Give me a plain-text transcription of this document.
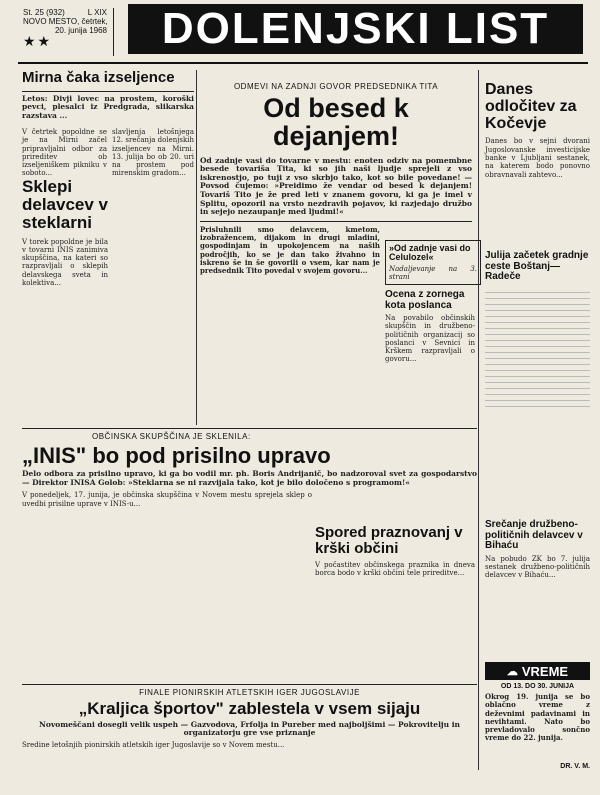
St. 25 (932)	L XIX
NOVO MESTO, četrtek,
20. junija 1968
★★	DOLENJSKI LIST
Mirna čaka izseljence
Letos: Divji lovec na prostem, koroški pevci, plesalci iz Predgrada, slikarska razstava ...
V četrtek popoldne se je na Mirni začel pripravljalni odbor za prireditev ob izseljeniškem pikniku v soboto...
slavljenja letošnjega 12. srečanja dolenjskih izseljencev na Mirni. 13. julija bo ob 20. uri na prostem pod mirenskim gradom...
Sklepi delavcev v steklarni
V torek popoldne je bila v tovarni INIS zanimiva skupščina, na kateri so razpravljali o sklepih delavskega sveta in kolektiva...
ODMEVI NA ZADNJI GOVOR PREDSEDNIKA TITA
Od besed k dejanjem!
Od zadnje vasi do tovarne v mestu: enoten odziv na pomembne besede tovariša Tita, ki so jih naši ljudje sprejeli z vso iskrenostjo, po tuji z vso skrbjo tako, kot so bile povedane! — Povsod čujemo: »Preidimo že vendar od besed k dejanjem! Tovariš Tito je že pred leti v znanem govoru, ki ga je imel v Splitu, opozoril na vrsto nezdravih pojavov, ki razjedajo družbo in sejejo nezaupanje med ljudmi!«
Prisluhnili smo delavcem, kmetom, izobražencem, dijakom in drugi mladini, gospodinjam in upokojencem na naših področjih, ko se je dan tako živahno in iskreno še in še govorili o vsem, kar nam je predsednik Tito povedal v svojem govoru...
»Od zadnje vasi do Celulozel«
Nadaljevanje na 3. strani
Ocena z zornega kota poslanca
Na povabilo občinskih skupščin in družbeno-političnih organizacij so poslanci v Sevnici in Krškem razpravljali o govoru...
Danes odločitev za Kočevje
Danes bo v sejni dvorani Jugoslovanske investicijske banke v Ljubljani sestanek, na katerem bodo ponovno obravnavali zahtevo...
Julija začetek gradnje ceste Boštanj—Radeče
OBČINSKA SKUPŠČINA JE SKLENILA:
„INIS" bo pod prisilno upravo
Delo odbora za prisilno upravo, ki ga bo vodil mr. ph. Boris Andrijanič, bo nadzoroval svet za gospodarstvo — Direktor INISA Golob: »Steklarna se ni razvijala tako, kot je bilo določeno s programom!«
V ponedeljek, 17. junija, je občinska skupščina v Novem mestu sprejela sklep o uvedbi prisilne uprave v INIS-u...
Spored praznovanj v krški občini
V počastitev občinskega praznika in dneva borca bodo v krški občini tele prireditve...
Srečanje družbeno-političnih delavcev v Bihaću
Na pobudo ZK bo 7. julija sestanek družbeno-političnih delavcev v Bihaću...
FINALE PIONIRSKIH ATLETSKIH IGER JUGOSLAVIJE
„Kraljica športov" zablestela v vsem sijaju
Novomeščani dosegli velik uspeh — Gazvodova, Frfolja in Pureber med najboljšimi — Pokrovitelju in organizatorju gre vse priznanje
Sredine letošnjih pionirskih atletskih iger Jugoslavije so v Novem mestu...
☁ VREME
OD 13. DO 30. JUNIJA
Okrog 19. junija se bo oblačno vreme z deževnimi padavinami in nevihtami. Nato bo prevladovalo sončno vreme do 22. junija.
DR. V. M.
